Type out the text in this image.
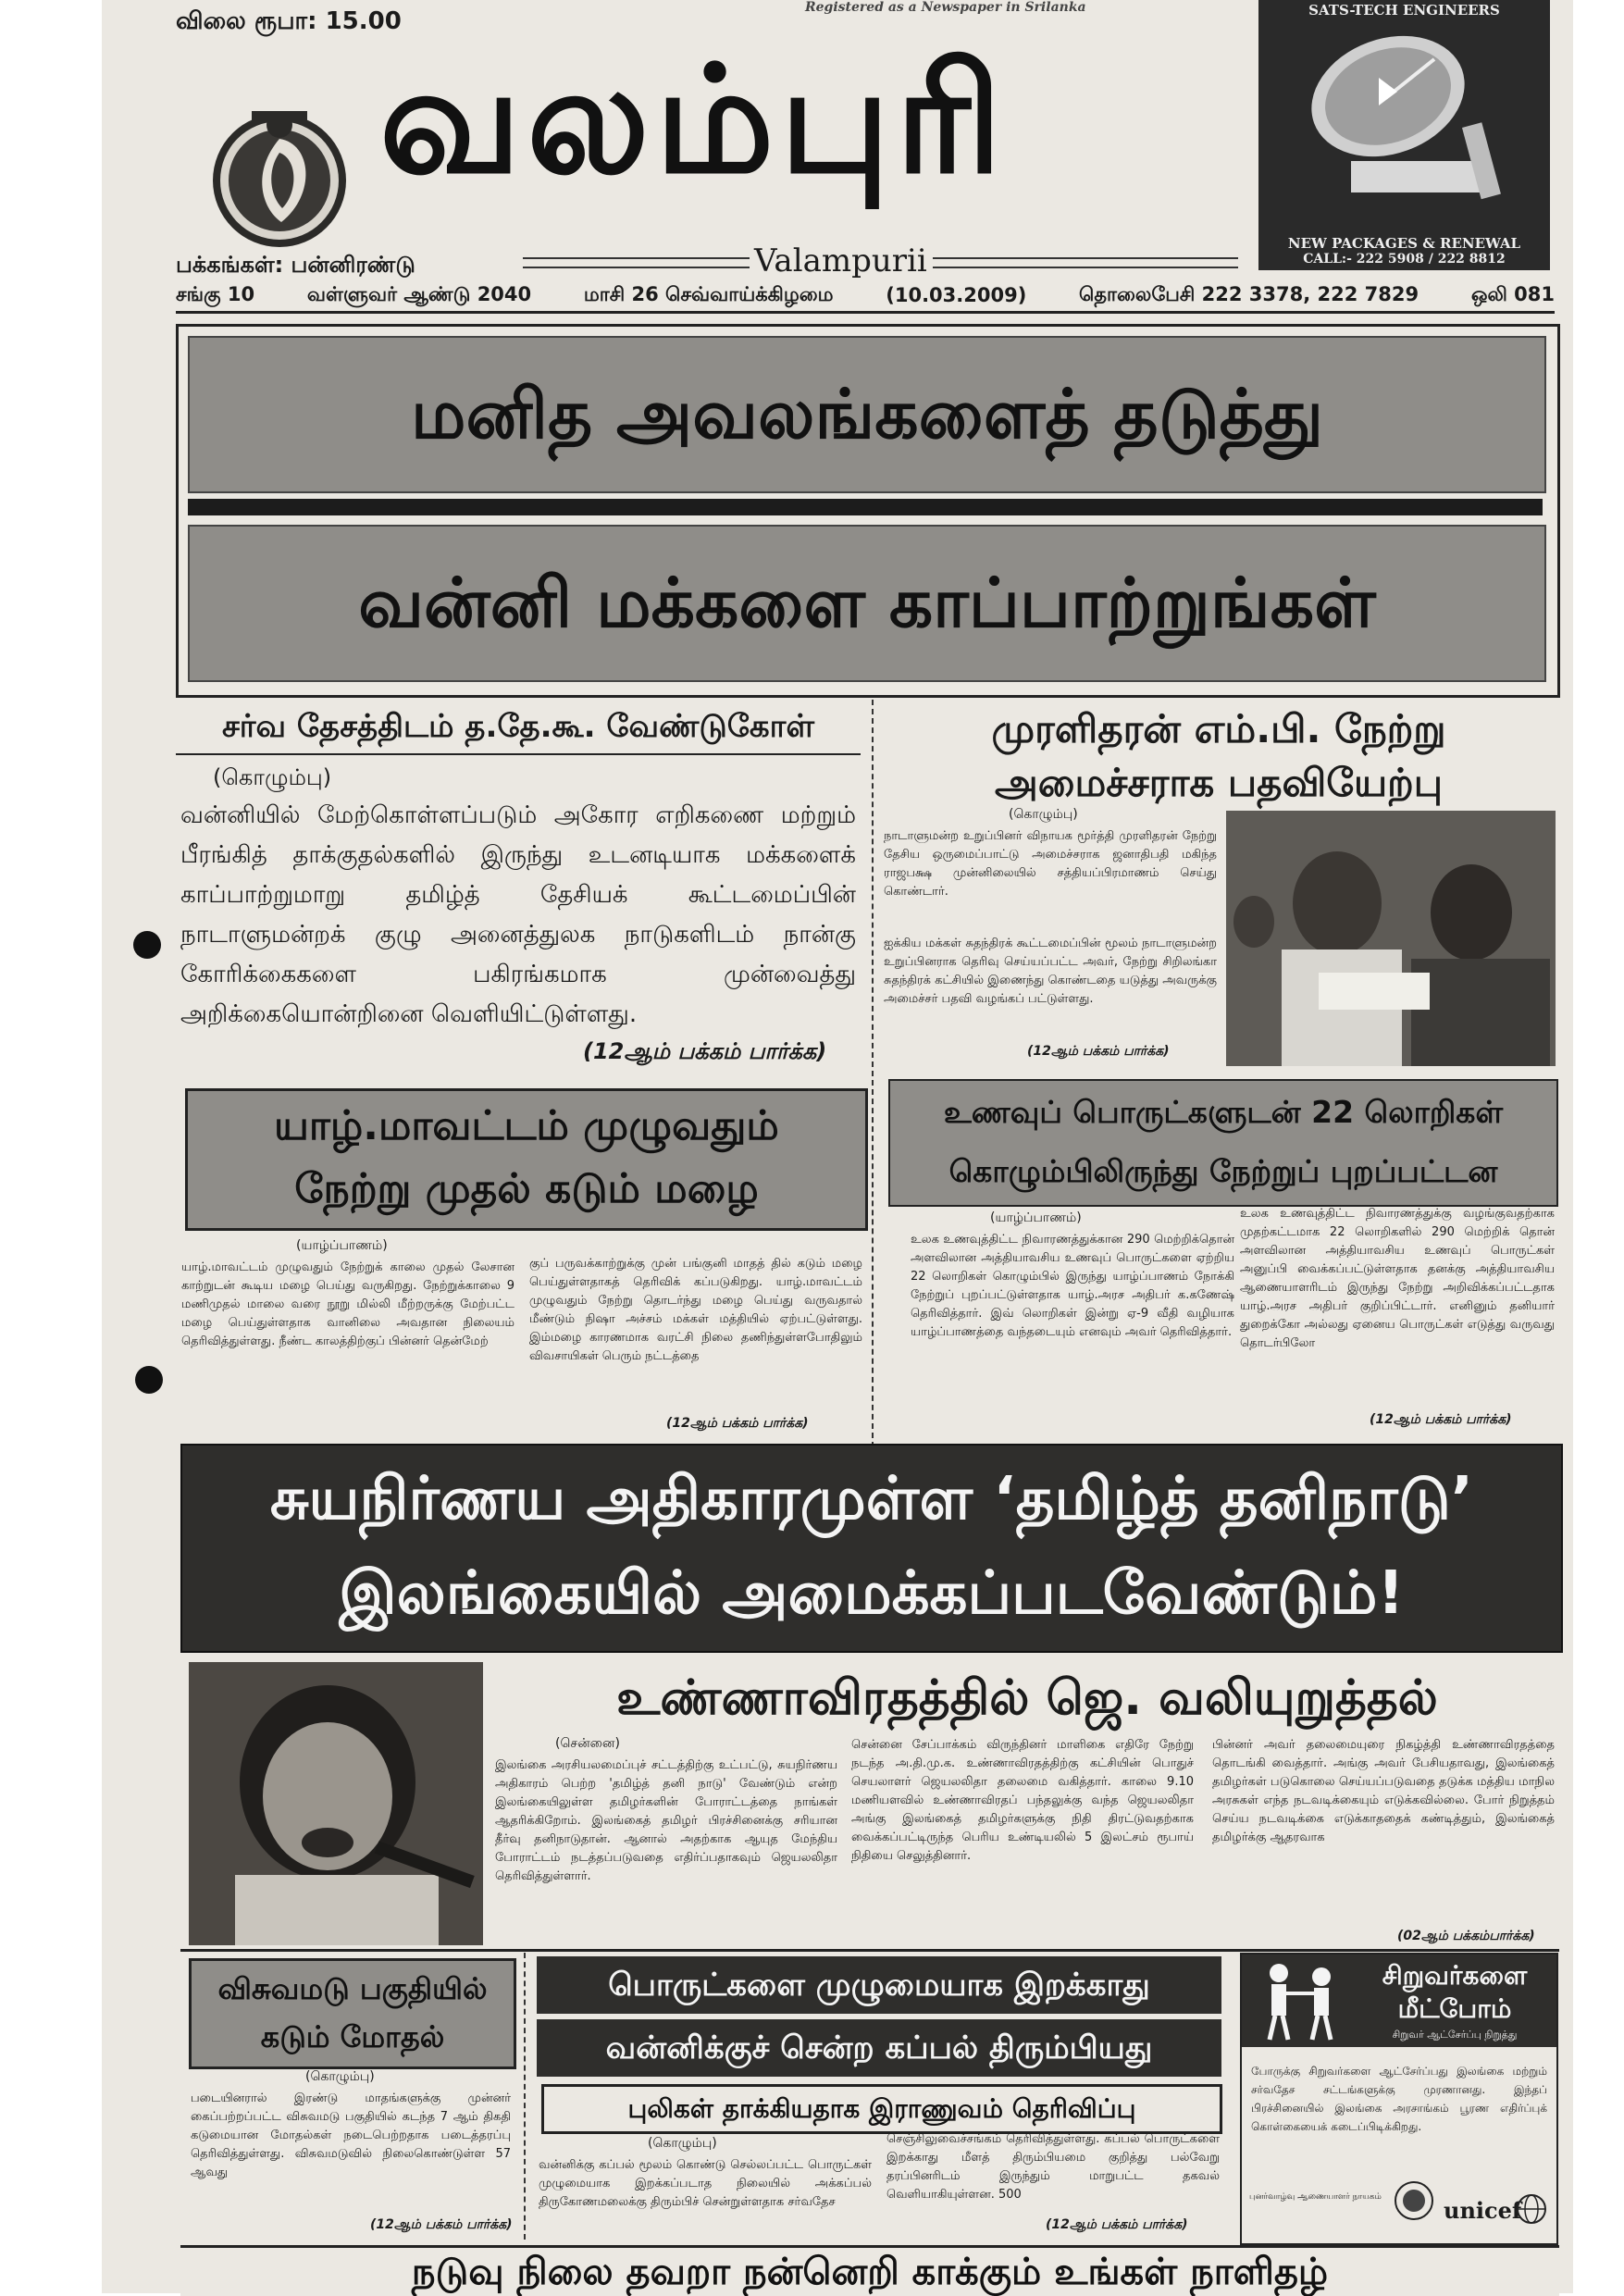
விலை ரூபா: 15.00	Registered as a Newspaper in Srilanka
வலம்புரி
பக்கங்கள்: பன்னிரண்டு	Valampurii
SATS-TECH ENGINEERS
NEW PACKAGES & RENEWAL
CALL:- 222 5908 / 222 8812
சங்கு 10	வள்ளுவர் ஆண்டு 2040	மாசி 26 செவ்வாய்க்கிழமை	(10.03.2009)	தொலைபேசி 222 3378, 222 7829	ஒலி 081
மனித அவலங்களைத் தடுத்து
வன்னி மக்களை காப்பாற்றுங்கள்
சர்வ தேசத்திடம் த.தே.கூ. வேண்டுகோள்
(கொழும்பு)
வன்னியில் மேற்கொள்ளப்படும் அகோர எறிகணை மற்றும் பீரங்கித் தாக்குதல்களில் இருந்து உடனடியாக மக்களைக் காப்பாற்றுமாறு தமிழ்த் தேசியக் கூட்டமைப்பின் நாடாளுமன்றக் குழு அனைத்துலக நாடுகளிடம் நான்கு கோரிக்கைகளை பகிரங்கமாக முன்வைத்து அறிக்கையொன்றினை வெளியிட்டுள்ளது.
(12ஆம் பக்கம் பார்க்க)
முரளிதரன் எம்.பி. நேற்று
அமைச்சராக பதவியேற்பு
(கொழும்பு)
நாடாளுமன்ற உறுப்பினர் விநாயக மூர்த்தி முரளிதரன் நேற்று தேசிய ஒருமைப்பாட்டு அமைச்சராக ஜனாதிபதி மகிந்த ராஜபக்ஷ முன்னிலையில் சத்தியப்பிரமாணம் செய்து கொண்டார்.
ஐக்கிய மக்கள் சுதந்திரக் கூட்டமைப்பின் மூலம் நாடாளுமன்ற உறுப்பினராக தெரிவு செய்யப்பட்ட அவர், நேற்று சிறிலங்கா சுதந்திரக் கட்சியில் இணைந்து கொண்டதை யடுத்து அவருக்கு அமைச்சர் பதவி வழங்கப் பட்டுள்ளது.
(12ஆம் பக்கம் பார்க்க)
யாழ்.மாவட்டம் முழுவதும்
நேற்று முதல் கடும் மழை
(யாழ்ப்பாணம்)
யாழ்.மாவட்டம் முழுவதும் நேற்றுக் காலை முதல் லேசான காற்றுடன் கூடிய மழை பெய்து வருகிறது. நேற்றுக்காலை 9 மணிமுதல் மாலை வரை நூறு மில்லி மீற்றருக்கு மேற்பட்ட மழை பெய்துள்ளதாக வானிலை அவதான நிலையம் தெரிவித்துள்ளது. நீண்ட காலத்திற்குப் பின்னர் தென்மேற்
குப் பருவக்காற்றுக்கு முன் பங்குனி மாதத் தில் கடும் மழை பெய்துள்ளதாகத் தெரிவிக் கப்படுகிறது. யாழ்.மாவட்டம் முழுவதும் நேற்று தொடர்ந்து மழை பெய்து வருவதால் மீண்டும் நிஷா அச்சம் மக்கள் மத்தியில் ஏற்பட்டுள்ளது. இம்மழை காரணமாக வரட்சி நிலை தணிந்துள்ளபோதிலும் விவசாயிகள் பெரும் நட்டத்தை
(12ஆம் பக்கம் பார்க்க)
உணவுப் பொருட்களுடன் 22 லொறிகள்
கொழும்பிலிருந்து நேற்றுப் புறப்பட்டன
(யாழ்ப்பாணம்)
உலக உணவுத்திட்ட நிவாரணத்துக்கான 290 மெற்றிக்தொன் அளவிலான அத்தியாவசிய உணவுப் பொருட்களை ஏற்றிய 22 லொறிகள் கொழும்பில் இருந்து யாழ்ப்பாணம் நோக்கி நேற்றுப் புறப்பட்டுள்ளதாக யாழ்.அரச அதிபர் க.கணேஷ் தெரிவித்தார். இவ் லொறிகள் இன்று ஏ-9 வீதி வழியாக யாழ்ப்பாணத்தை வந்தடையும் எனவும் அவர் தெரிவித்தார்.
உலக உணவுத்திட்ட நிவாரணத்துக்கு வழங்குவதற்காக முதற்கட்டமாக 22 லொறிகளில் 290 மெற்றிக் தொன் அளவிலான அத்தியாவசிய உணவுப் பொருட்கள் அனுப்பி வைக்கப்பட்டுள்ளதாக தனக்கு அத்தியாவசிய ஆணையாளரிடம் இருந்து நேற்று அறிவிக்கப்பட்டதாக யாழ்.அரச அதிபர் குறிப்பிட்டார். எனினும் தனியார் துறைக்கோ அல்லது ஏனைய பொருட்கள் எடுத்து வருவது தொடர்பிலோ
(12ஆம் பக்கம் பார்க்க)
சுயநிர்ணய அதிகாரமுள்ள ‘தமிழ்த் தனிநாடு’
இலங்கையில் அமைக்கப்படவேண்டும்!
உண்ணாவிரதத்தில் ஜெ. வலியுறுத்தல்
(சென்னை)
இலங்கை அரசியலமைப்புச் சட்டத்திற்கு உட்பட்டு, சுயநிர்ணய அதிகாரம் பெற்ற 'தமிழ்த் தனி நாடு' வேண்டும் என்ற இலங்கையிலுள்ள தமிழர்களின் போராட்டத்தை நாங்கள் ஆதரிக்கிறோம். இலங்கைத் தமிழர் பிரச்சினைக்கு சரியான தீர்வு தனிநாடுதான். ஆனால் அதற்காக ஆயுத மேந்திய போராட்டம் நடத்தப்படுவதை எதிர்ப்பதாகவும் ஜெயலலிதா தெரிவித்துள்ளார்.
சென்னை சேப்பாக்கம் விருந்தினர் மாளிகை எதிரே நேற்று நடந்த அ.தி.மு.க. உண்ணாவிரதத்திற்கு கட்சியின் பொதுச் செயலாளர் ஜெயலலிதா தலைமை வகித்தார். காலை 9.10 மணியளவில் உண்ணாவிரதப் பந்தலுக்கு வந்த ஜெயலலிதா அங்கு இலங்கைத் தமிழர்களுக்கு நிதி திரட்டுவதற்காக வைக்கப்பட்டிருந்த பெரிய உண்டியலில் 5 இலட்சம் ரூபாய் நிதியை செலுத்தினார்.
பின்னர் அவர் தலைமையுரை நிகழ்த்தி உண்ணாவிரதத்தை தொடங்கி வைத்தார். அங்கு அவர் பேசியதாவது, இலங்கைத் தமிழர்கள் படுகொலை செய்யப்படுவதை தடுக்க மத்திய மாநில அரசுகள் எந்த நடவடிக்கையும் எடுக்கவில்லை. போர் நிறுத்தம் செய்ய நடவடிக்கை எடுக்காததைக் கண்டித்தும், இலங்கைத் தமிழர்க்கு ஆதரவாக
(02ஆம் பக்கம்பார்க்க)
விசுவமடு பகுதியில்
கடும் மோதல்
(கொழும்பு)
படையினரால் இரண்டு மாதங்களுக்கு முன்னர் கைப்பற்றப்பட்ட விசுவமடு பகுதியில் கடந்த 7 ஆம் திகதி கடுமையான மோதல்கள் நடைபெற்றதாக படைத்தரப்பு தெரிவித்துள்ளது. விசுவமடுவில் நிலைகொண்டுள்ள 57 ஆவது
(12ஆம் பக்கம் பார்க்க)
பொருட்களை முழுமையாக இறக்காது
வன்னிக்குச் சென்ற கப்பல் திரும்பியது
புலிகள் தாக்கியதாக இராணுவம் தெரிவிப்பு
(கொழும்பு)
வன்னிக்கு கப்பல் மூலம் கொண்டு செல்லப்பட்ட பொருட்கள் முழுமையாக இறக்கப்படாத நிலையில் அக்கப்பல் திருகோணமலைக்கு திரும்பிச் சென்றுள்ளதாக சர்வதேச
செஞ்சிலுவைச்சங்கம் தெரிவித்துள்ளது. கப்பல் பொருட்களை இறக்காது மீளத் திரும்பியமை குறித்து பல்வேறு தரப்பினரிடம் இருந்தும் மாறுபட்ட தகவல் வெளியாகியுள்ளன. 500
(12ஆம் பக்கம் பார்க்க)
சிறுவர்களை
மீட்போம்
சிறுவர் ஆட்சேர்ப்பு நிறுத்து
போருக்கு சிறுவர்களை ஆட்சேர்ப்பது இலங்கை மற்றும் சர்வதேச சட்டங்களுக்கு முரணானது. இந்தப் பிரச்சினையில் இலங்கை அரசாங்கம் பூரண எதிர்ப்புக் கொள்கையைக் கடைப்பிடிக்கிறது.
புனர்வாழ்வு ஆணையாளர் நாயகம்	unicef
நடுவு நிலை தவறா நன்னெறி காக்கும் உங்கள் நாளிதழ்
